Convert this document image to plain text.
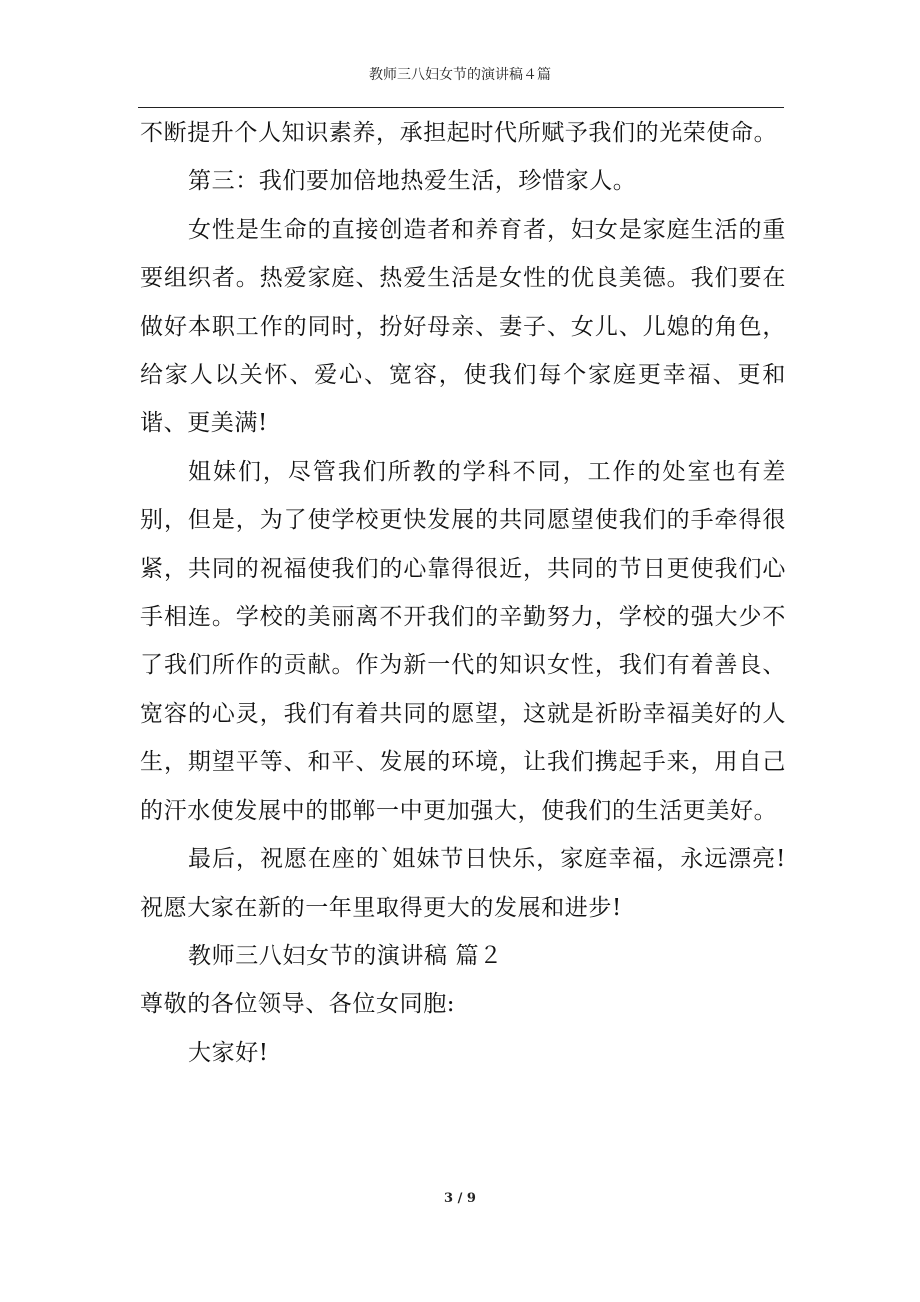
教师三八妇女节的演讲稿４篇

不断提升个人知识素养，承担起时代所赋予我们的光荣使命。

第三：我们要加倍地热爱生活，珍惜家人。

女性是生命的直接创造者和养育者，妇女是家庭生活的重要组织者。热爱家庭、热爱生活是女性的优良美德。我们要在做好本职工作的同时，扮好母亲、妻子、女儿、儿媳的角色，给家人以关怀、爱心、宽容，使我们每个家庭更幸福、更和谐、更美满!

姐妹们，尽管我们所教的学科不同，工作的处室也有差别，但是，为了使学校更快发展的共同愿望使我们的手牵得很紧，共同的祝福使我们的心靠得很近，共同的节日更使我们心手相连。学校的美丽离不开我们的辛勤努力，学校的强大少不了我们所作的贡献。作为新一代的知识女性，我们有着善良、宽容的心灵，我们有着共同的愿望，这就是祈盼幸福美好的人生，期望平等、和平、发展的环境，让我们携起手来，用自己的汗水使发展中的邯郸一中更加强大，使我们的生活更美好。

最后，祝愿在座的`姐妹节日快乐，家庭幸福，永远漂亮!祝愿大家在新的一年里取得更大的发展和进步!

教师三八妇女节的演讲稿 篇２

尊敬的各位领导、各位女同胞:

大家好!

3 / 9
